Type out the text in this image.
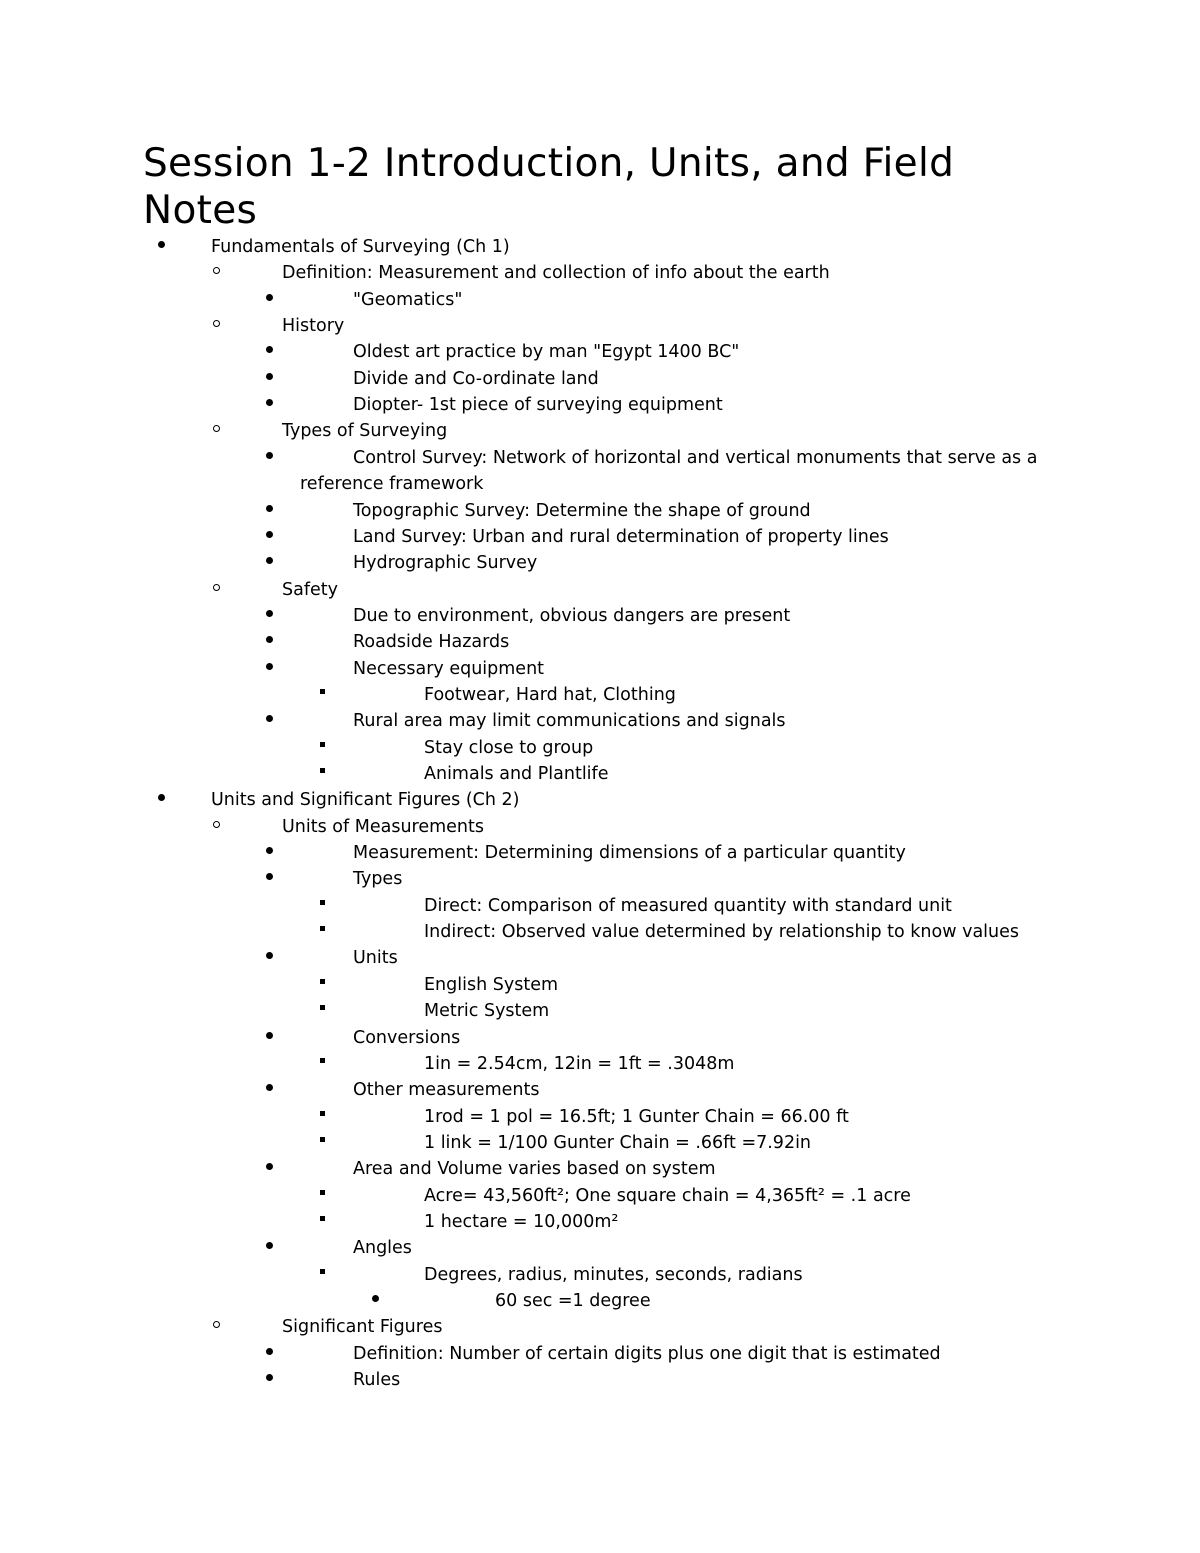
Session 1-2 Introduction, Units, and Field Notes
Fundamentals of Surveying (Ch 1)
Definition: Measurement and collection of info about the earth
"Geomatics"
History
Oldest art practice by man "Egypt 1400 BC"
Divide and Co-ordinate land
Diopter- 1st piece of surveying equipment
Types of Surveying
Control Survey: Network of horizontal and vertical monuments that serve as a
reference framework
Topographic Survey: Determine the shape of ground
Land Survey: Urban and rural determination of property lines
Hydrographic Survey
Safety
Due to environment, obvious dangers are present
Roadside Hazards
Necessary equipment
Footwear, Hard hat, Clothing
Rural area may limit communications and signals
Stay close to group
Animals and Plantlife
Units and Significant Figures (Ch 2)
Units of Measurements
Measurement: Determining dimensions of a particular quantity
Types
Direct: Comparison of measured quantity with standard unit
Indirect: Observed value determined by relationship to know values
Units
English System
Metric System
Conversions
1in = 2.54cm, 12in = 1ft = .3048m
Other measurements
1rod = 1 pol = 16.5ft; 1 Gunter Chain = 66.00 ft
1 link = 1/100 Gunter Chain = .66ft =7.92in
Area and Volume varies based on system
Acre= 43,560ft²; One square chain = 4,365ft² = .1 acre
1 hectare = 10,000m²
Angles
Degrees, radius, minutes, seconds, radians
60 sec =1 degree
Significant Figures
Definition: Number of certain digits plus one digit that is estimated
Rules
